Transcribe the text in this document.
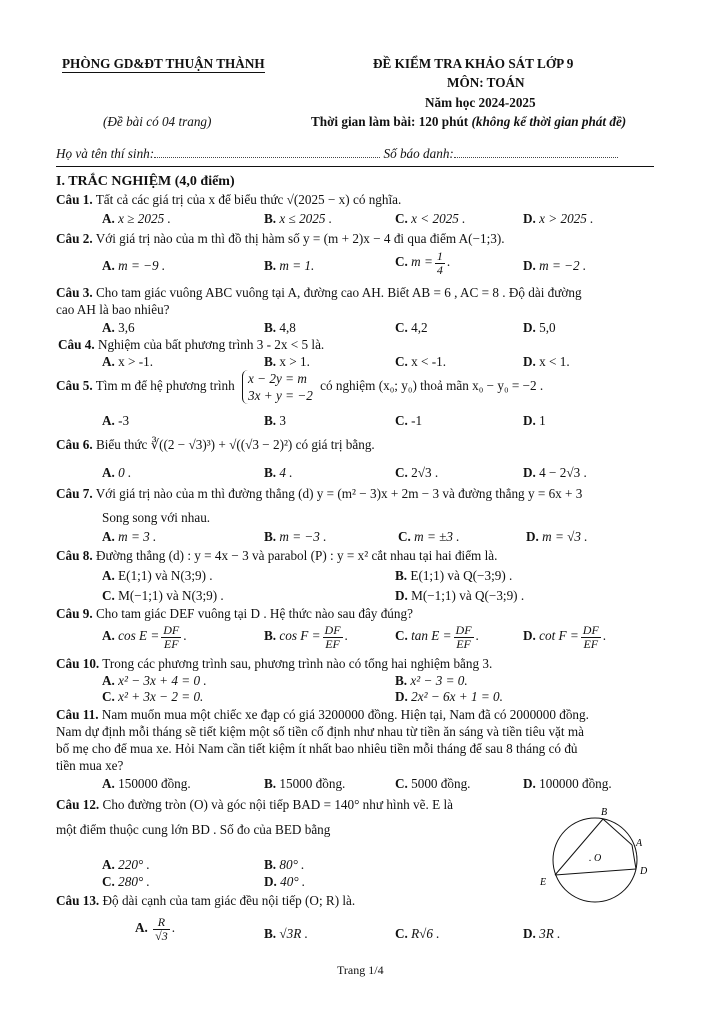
PHÒNG GD&ĐT THUẬN THÀNH
(Đề bài có 04 trang)
ĐỀ KIỂM TRA KHẢO SÁT LỚP 9
MÔN: TOÁN
Năm học 2024-2025
Thời gian làm bài: 120 phút (không kể thời gian phát đề)
Họ và tên thí sinh:	Số báo danh:
I. TRẮC NGHIỆM (4,0 điểm)
Câu 1. Tất cả các giá trị của x để biểu thức √(2025 − x) có nghĩa.
A. x ≥ 2025 .	B. x ≤ 2025 .	C. x < 2025 .	D. x > 2025 .
Câu 2. Với giá trị nào của m thì đồ thị hàm số y = (m + 2)x − 4 đi qua điểm A(−1;3).
A. m = −9 .	B. m = 1.	C. $m = \frac{1}{4}$ .	D. m = −2 .
Câu 3. Cho tam giác vuông ABC vuông tại A, đường cao AH. Biết AB = 6 , AC = 8 . Độ dài đường
cao AH là bao nhiêu?
A. 3,6	B. 4,8	C. 4,2	D. 5,0
Câu 4. Nghiệm của bất phương trình 3 - 2x < 5 là.
A. x > -1.	B. x > 1.	C. x < -1.	D. x < 1.
Câu 5. Tìm m để hệ phương trình x − 2y = m
3x + y = −2
có nghiệm (x₀; y₀) thoả mãn x₀ − y₀ = −2 .
A. -3	B. 3	C. -1	D. 1
Câu 6. Biểu thức ∛((2 − √3)³) + √((√3 − 2)²) có giá trị bằng.
A. 0 .	B. 4 .	C. 2√3 .	D. 4 − 2√3 .
Câu 7. Với giá trị nào của m thì đường thẳng (d) y = (m² − 3)x + 2m − 3 và đường thẳng y = 6x + 3
Song song với nhau.
A. m = 3 .	B. m = −3 .	C. m = ±3 .	D. m = √3 .
Câu 8. Đường thẳng (d) : y = 4x − 3 và parabol (P) : y = x² cắt nhau tại hai điểm là.
A. E(1;1) và N(3;9) .	B. E(1;1) và Q(−3;9) .
C. M(−1;1) và N(3;9) .	D. M(−1;1) và Q(−3;9) .
Câu 9. Cho tam giác DEF vuông tại D . Hệ thức nào sau đây đúng?
A. $\cos E = \frac{DF}{EF}$ .	B. $\cos F = \frac{DF}{EF}$ .	C. $\tan E = \frac{DF}{EF}$ .	D. $\cot F = \frac{DF}{EF}$ .
Câu 10. Trong các phương trình sau, phương trình nào có tổng hai nghiệm bằng 3.
A. x² − 3x + 4 = 0 .	B. x² − 3 = 0.
C. x² + 3x − 2 = 0.	D. 2x² − 6x + 1 = 0.
Câu 11. Nam muốn mua một chiếc xe đạp có giá 3200000 đồng. Hiện tại, Nam đã có 2000000 đồng.
Nam dự định mỗi tháng sẽ tiết kiệm một số tiền cố định như nhau từ tiền ăn sáng và tiền tiêu vặt mà
bố mẹ cho để mua xe. Hỏi Nam cần tiết kiệm ít nhất bao nhiêu tiền mỗi tháng để sau 8 tháng có đủ
tiền mua xe?
A. 150000 đồng.	B. 15000 đồng.	C. 5000 đồng.	D. 100000 đồng.
Câu 12. Cho đường tròn (O) và góc nội tiếp BAD = 140° như hình vẽ. E là
một điểm thuộc cung lớn BD . Số đo của BED bằng
A. 220° .	B. 80° .
C. 280° .	D. 40° .
B
A
D
E
. O
Câu 13. Độ dài cạnh của tam giác đều nội tiếp (O; R) là.
A. $\frac{R}{√3}$ .	B. √3R .	C. R√6 .	D. 3R .
Trang 1/4
